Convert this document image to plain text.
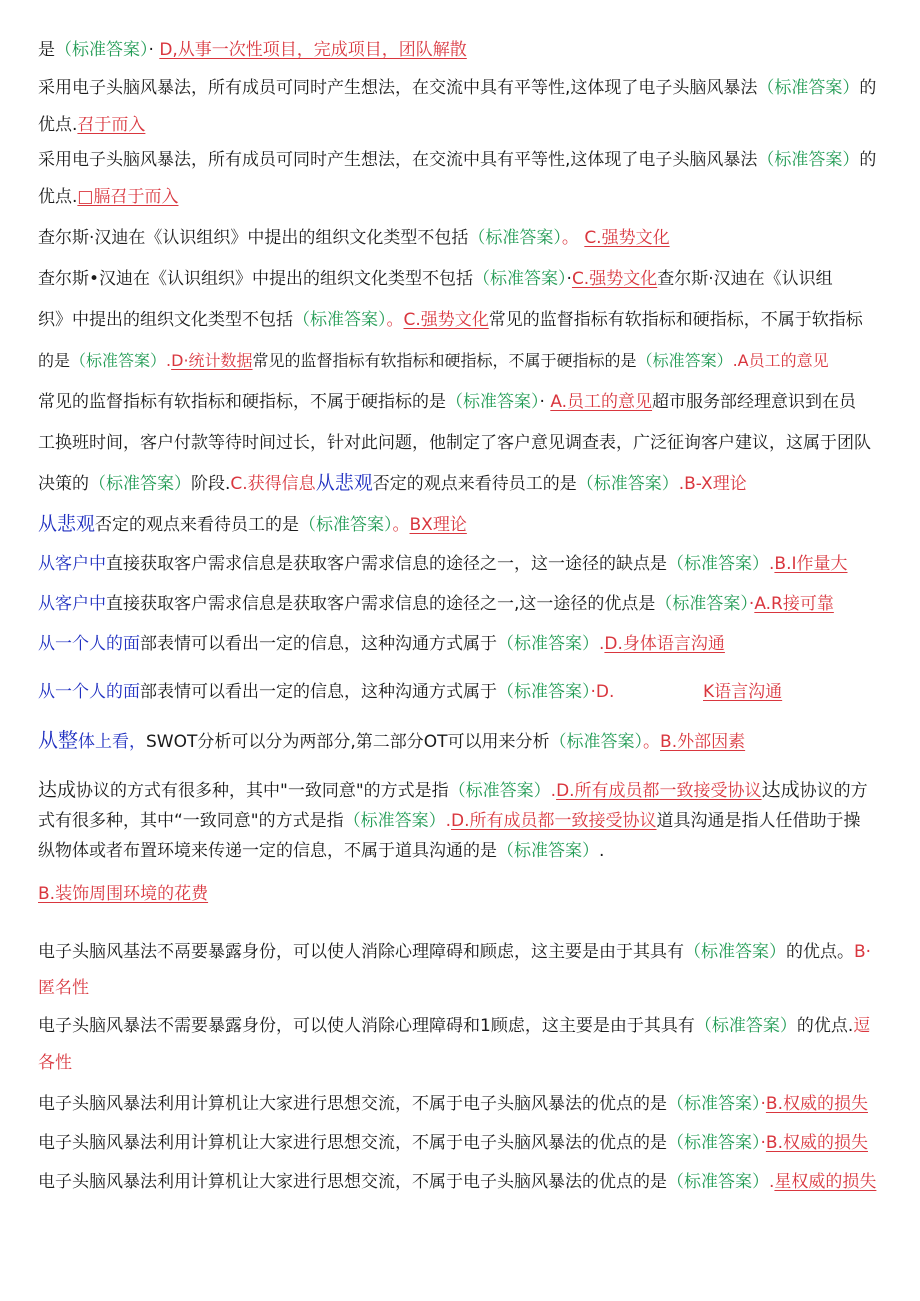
是（标准答案）· D,从事一次性项目，完成项目，团队解散
采用电子头脑风暴法，所有成员可同时产生想法，在交流中具有平等性,这体现了电子头脑风暴法（标准答案）的
优点.召于而入
采用电子头脑风暴法，所有成员可同时产生想法，在交流中具有平等性,这体现了电子头脑风暴法（标准答案）的
优点.□膈召于而入
查尔斯·汉迪在《认识组织》中提出的组织文化类型不包括（标准答案）。 C.强势文化
查尔斯•汉迪在《认识组织》中提出的组织文化类型不包括（标准答案）·C.强势文化查尔斯·汉迪在《认识组
织》中提出的组织文化类型不包括（标准答案）。C.强势文化常见的监督指标有软指标和硬指标，不属于软指标
的是（标准答案）.D·统计数据常见的监督指标有软指标和硬指标，不属于硬指标的是（标准答案）.A员工的意见
常见的监督指标有软指标和硬指标，不属于硬指标的是（标准答案）· A.员工的意见超市服务部经理意识到在员
工换班时间，客户付款等待时间过长，针对此问题，他制定了客户意见调查表，广泛征询客户建议，这属于团队
决策的（标准答案）阶段.C.获得信息从悲观否定的观点来看待员工的是（标准答案）.B-X理论
从悲观否定的观点来看待员工的是（标准答案）。BX理论
从客户中直接获取客户需求信息是获取客户需求信息的途径之一，这一途径的缺点是（标准答案）.B.I作量大
从客户中直接获取客户需求信息是获取客户需求信息的途径之一,这一途径的优点是（标准答案）·A.R接可靠
从一个人的面部表情可以看出一定的信息，这种沟通方式属于（标准答案）.D.身体语言沟通
从一个人的面部表情可以看出一定的信息，这种沟通方式属于（标准答案）·D.	K语言沟通
从整体上看，SWOT分析可以分为两部分,第二部分OT可以用来分析（标准答案）。B.外部因素
达成协议的方式有很多种，其中"一致同意"的方式是指（标准答案）.D.所有成员都一致接受协议达成协议的方
式有很多种，其中“一致同意"的方式是指（标准答案）.D.所有成员都一致接受协议道具沟通是指人任借助于操
纵物体或者布置环境来传递一定的信息，不属于道具沟通的是（标准答案）.
B.装饰周围环境的花费
电子头脑风基法不鬲要暴露身份，可以使人消除心理障碍和顾虑，这主要是由于其具有（标准答案）的优点。B·
匿名性
电子头脑风暴法不需要暴露身份，可以使人消除心理障碍和1顾虑，这主要是由于其具有（标准答案）的优点.逗
各性
电子头脑风暴法利用计算机让大家进行思想交流，不属于电子头脑风暴法的优点的是（标准答案）·B.权威的损失
电子头脑风暴法利用计算机让大家进行思想交流，不属于电子头脑风暴法的优点的是（标准答案）·B.权威的损失
电子头脑风暴法利用计算机让大家进行思想交流，不属于电子头脑风暴法的优点的是（标准答案）.星权威的损失
